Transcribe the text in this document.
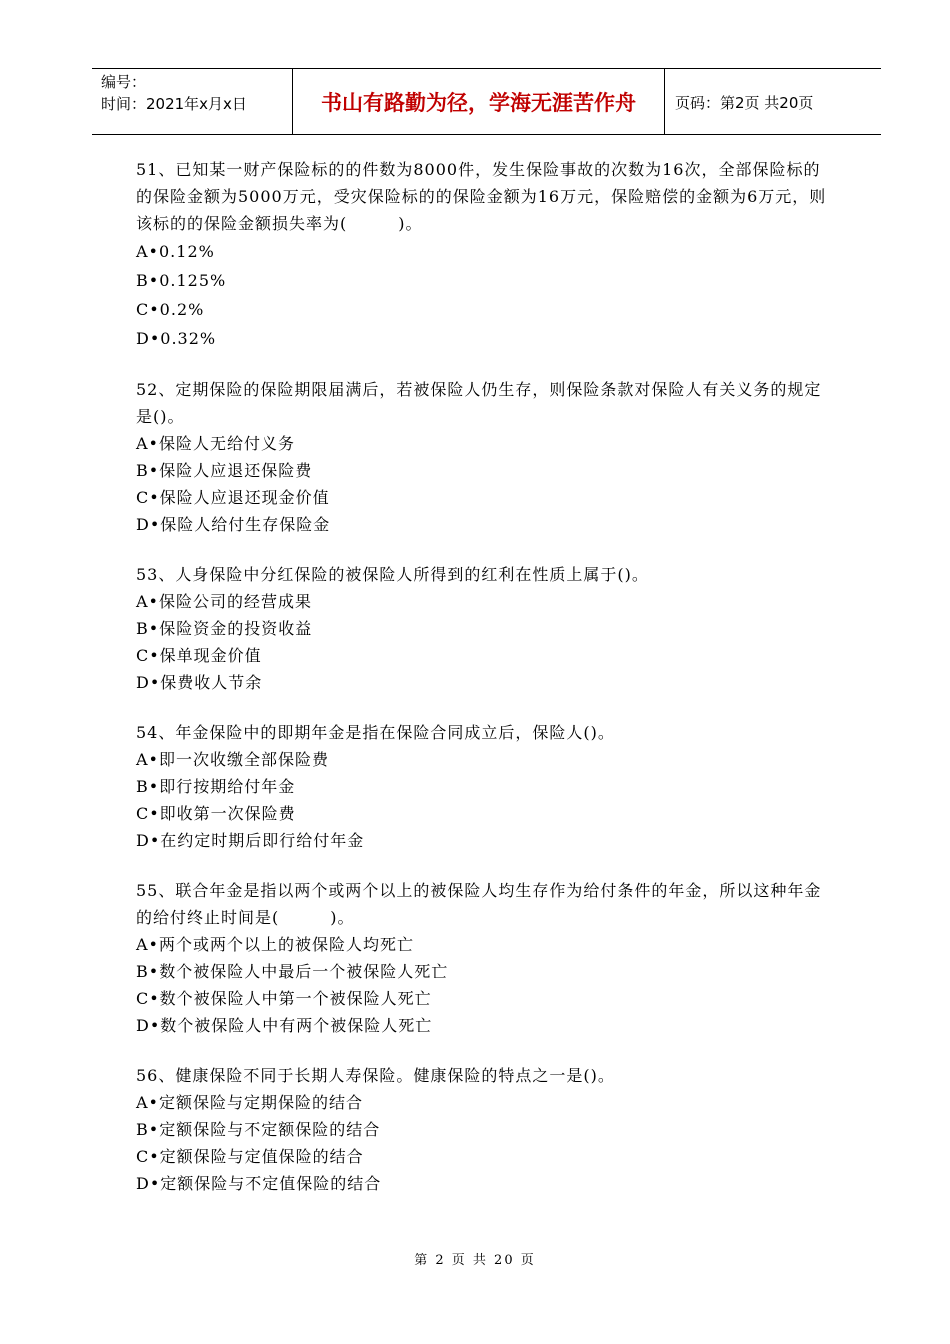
编号：
时间：2021年x月x日	书山有路勤为径，学海无涯苦作舟	页码：第2页 共20页

51、已知某一财产保险标的的件数为8000件，发生保险事故的次数为16次，全部保险标的的保险金额为5000万元，受灾保险标的的保险金额为16万元，保险赔偿的金额为6万元，则该标的的保险金额损失率为(　　　)。

A•0.12%

B•0.125%

C•0.2%

D•0.32%

52、定期保险的保险期限届满后，若被保险人仍生存，则保险条款对保险人有关义务的规定是()。

A•保险人无给付义务

B•保险人应退还保险费

C•保险人应退还现金价值

D•保险人给付生存保险金

53、人身保险中分红保险的被保险人所得到的红利在性质上属于()。

A•保险公司的经营成果

B•保险资金的投资收益

C•保单现金价值

D•保费收人节余

54、年金保险中的即期年金是指在保险合同成立后，保险人()。

A•即一次收缴全部保险费

B•即行按期给付年金

C•即收第一次保险费

D•在约定时期后即行给付年金

55、联合年金是指以两个或两个以上的被保险人均生存作为给付条件的年金，所以这种年金的给付终止时间是(　　　)。

A•两个或两个以上的被保险人均死亡

B•数个被保险人中最后一个被保险人死亡

C•数个被保险人中第一个被保险人死亡

D•数个被保险人中有两个被保险人死亡

56、健康保险不同于长期人寿保险。健康保险的特点之一是()。

A•定额保险与定期保险的结合

B•定额保险与不定额保险的结合

C•定额保险与定值保险的结合

D•定额保险与不定值保险的结合

第 2 页 共 20 页
